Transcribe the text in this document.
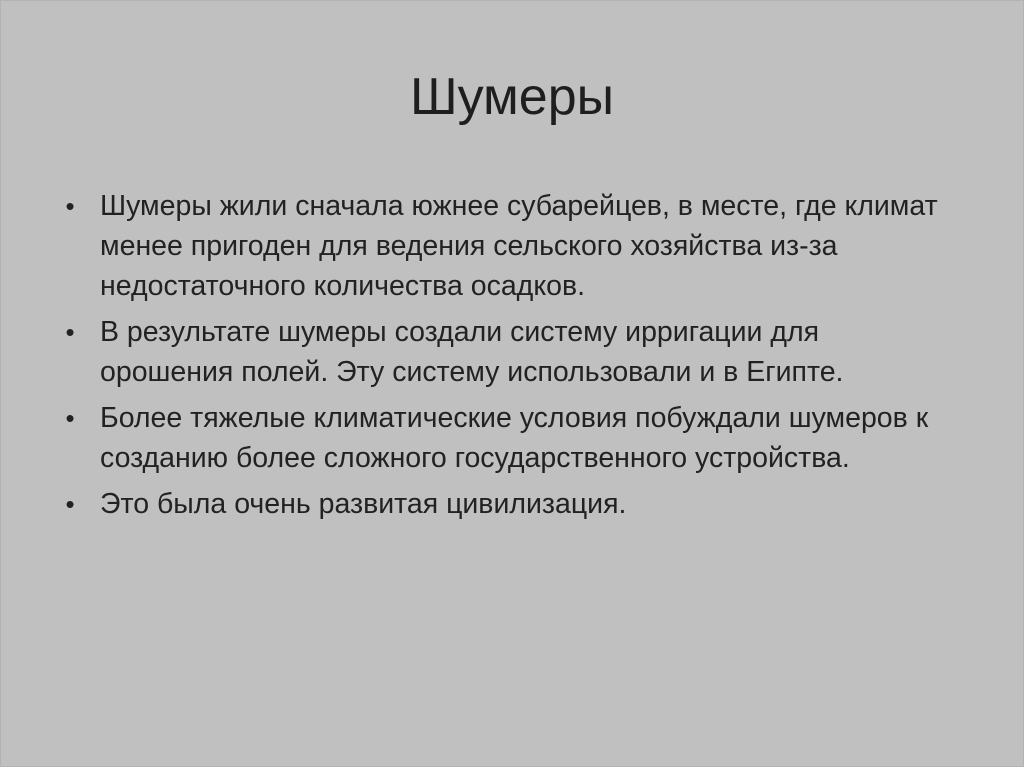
Шумеры
• Шумеры жили сначала южнее субарейцев, в месте, где климат менее пригоден для ведения сельского хозяйства из-за недостаточного количества осадков.
• В результате шумеры создали систему ирригации для орошения полей. Эту систему использовали и в Египте.
• Более тяжелые климатические условия побуждали шумеров к созданию более сложного государственного устройства.
• Это была очень развитая цивилизация.
